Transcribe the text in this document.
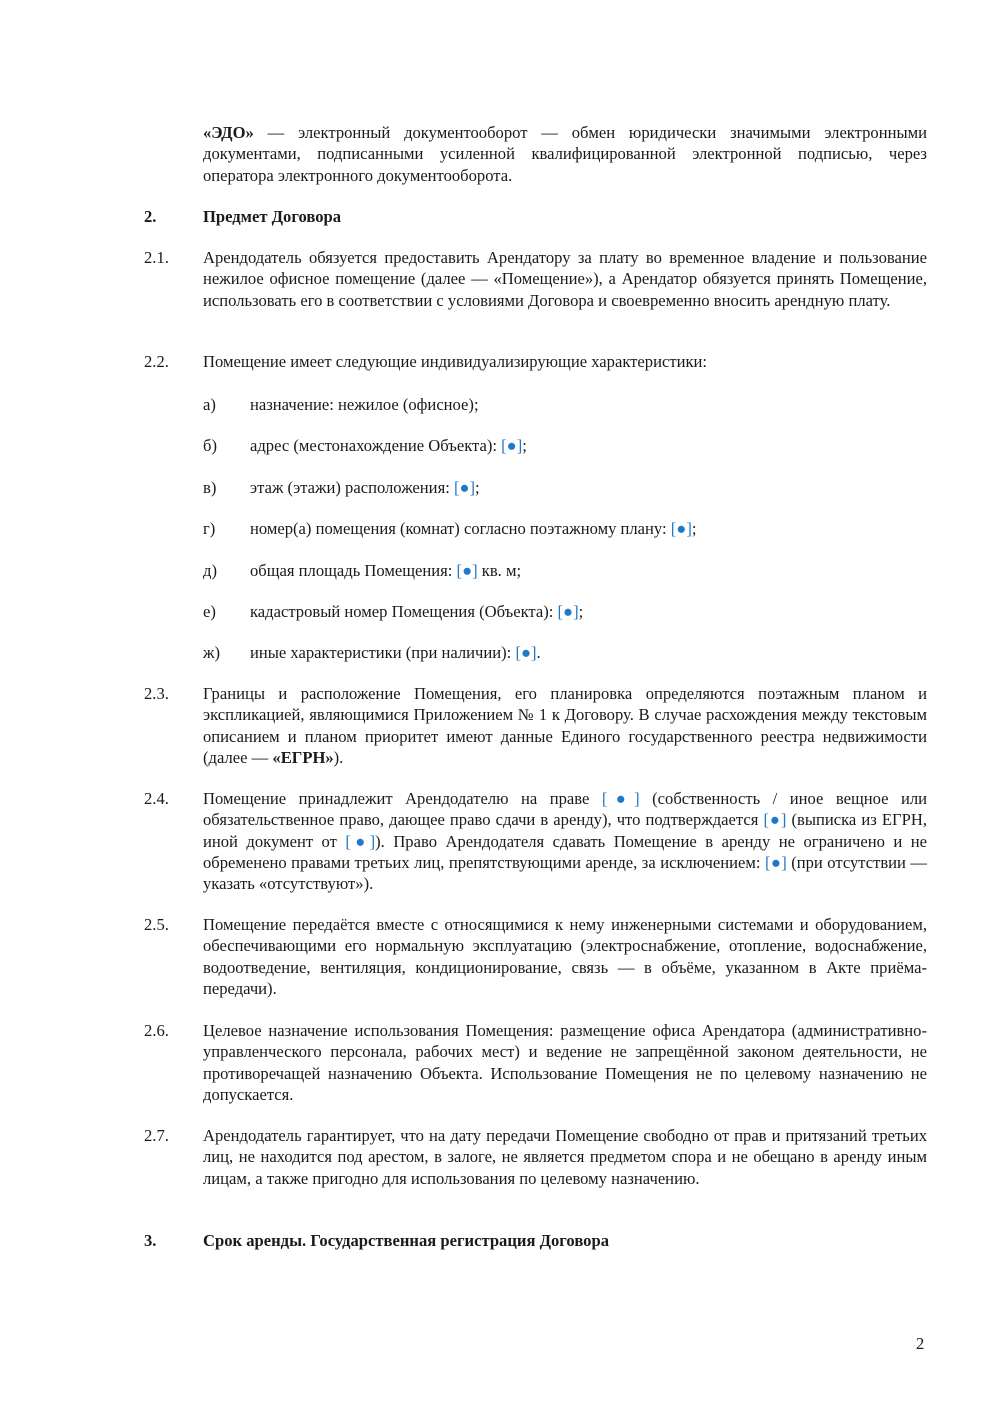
«ЭДО» — электронный документооборот — обмен юридически значимыми электронными документами, подписанными усиленной квалифицированной электронной подписью, через оператора электронного документооборота.
2.	Предмет Договора
2.1. Арендодатель обязуется предоставить Арендатору за плату во временное владение и пользование нежилое офисное помещение (далее — «Помещение»), а Арендатор обязуется принять Помещение, использовать его в соответствии с условиями Договора и своевременно вносить арендную плату.
2.2. Помещение имеет следующие индивидуализирующие характеристики:
а) назначение: нежилое (офисное);
б) адрес (местонахождение Объекта): [●];
в) этаж (этажи) расположения: [●];
г) номер(а) помещения (комнат) согласно поэтажному плану: [●];
д) общая площадь Помещения: [●] кв. м;
е) кадастровый номер Помещения (Объекта): [●];
ж) иные характеристики (при наличии): [●].
2.3. Границы и расположение Помещения, его планировка определяются поэтажным планом и экспликацией, являющимися Приложением № 1 к Договору. В случае расхождения между текстовым описанием и планом приоритет имеют данные Единого государственного реестра недвижимости (далее — «ЕГРН»).
2.4. Помещение принадлежит Арендодателю на праве [●] (собственность / иное вещное или обязательственное право, дающее право сдачи в аренду), что подтверждается [●] (выписка из ЕГРН, иной документ от [●]). Право Арендодателя сдавать Помещение в аренду не ограничено и не обременено правами третьих лиц, препятствующими аренде, за исключением: [●] (при отсутствии — указать «отсутствуют»).
2.5. Помещение передаётся вместе с относящимися к нему инженерными системами и оборудованием, обеспечивающими его нормальную эксплуатацию (электроснабжение, отопление, водоснабжение, водоотведение, вентиляция, кондиционирование, связь — в объёме, указанном в Акте приёма-передачи).
2.6. Целевое назначение использования Помещения: размещение офиса Арендатора (административно-управленческого персонала, рабочих мест) и ведение не запрещённой законом деятельности, не противоречащей назначению Объекта. Использование Помещения не по целевому назначению не допускается.
2.7. Арендодатель гарантирует, что на дату передачи Помещение свободно от прав и притязаний третьих лиц, не находится под арестом, в залоге, не является предметом спора и не обещано в аренду иным лицам, а также пригодно для использования по целевому назначению.
3.	Срок аренды. Государственная регистрация Договора
2
